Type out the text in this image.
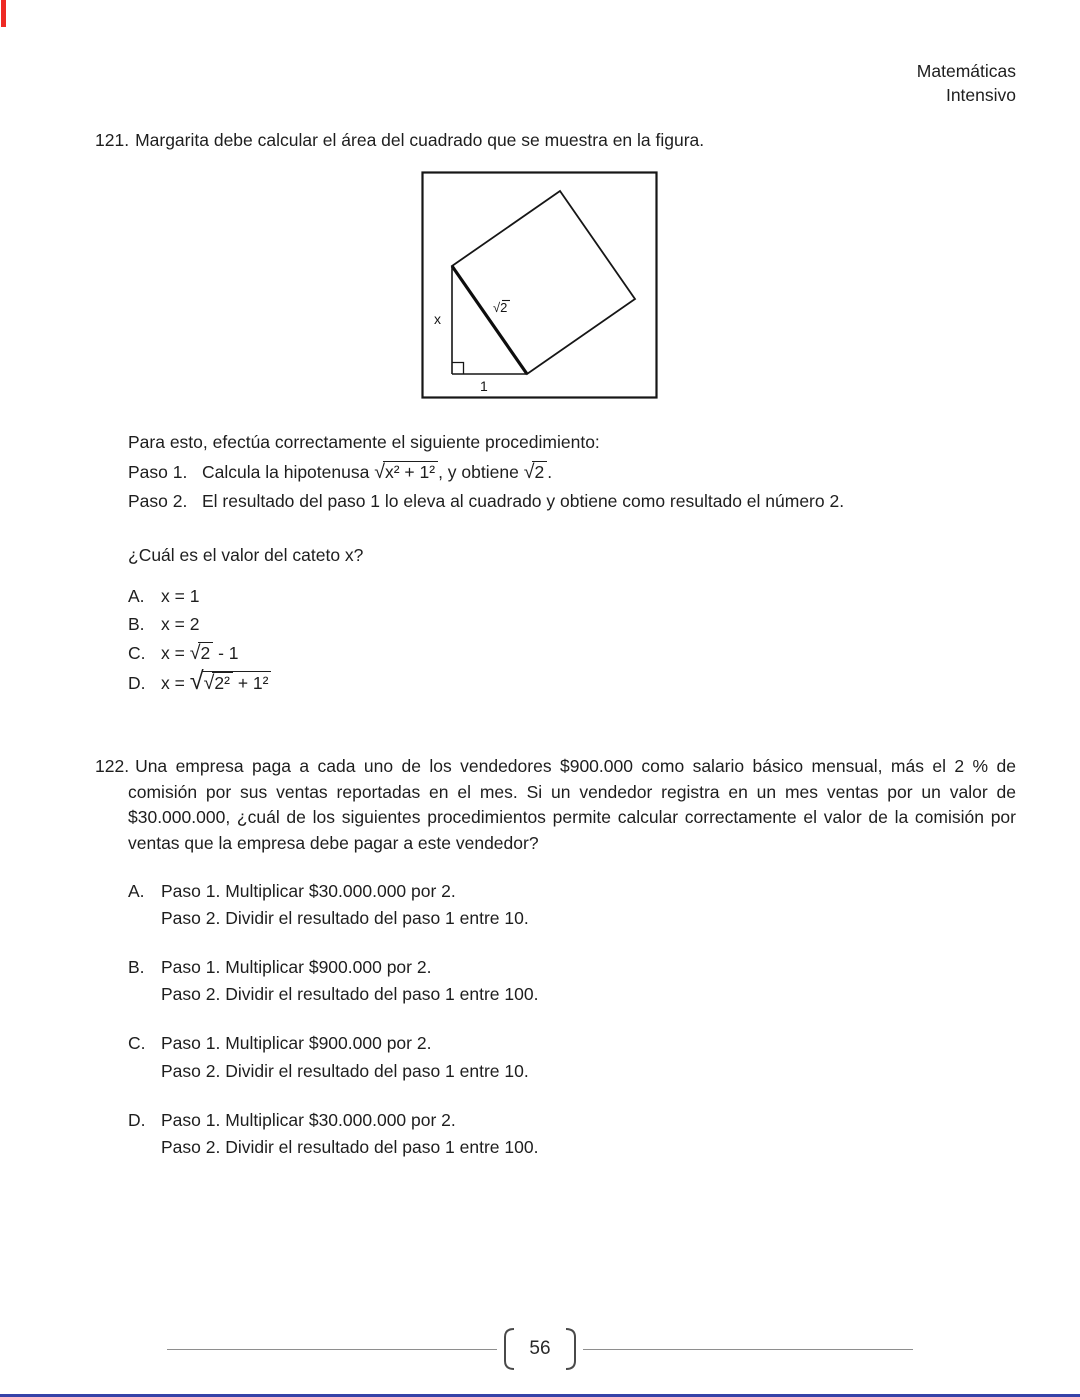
Matemáticas
Intensivo

121. Margarita debe calcular el área del cuadrado que se muestra en la figura.

x
√2
1

Para esto, efectúa correctamente el siguiente procedimiento:

Paso 1. Calcula la hipotenusa √x² + 1² , y obtiene √2 .
Paso 2. El resultado del paso 1 lo eleva al cuadrado y obtiene como resultado el número 2.

¿Cuál es el valor del cateto x?

A. x = 1
B. x = 2
C. x = √2 - 1
D. x = √√2² + 1²

122. Una empresa paga a cada uno de los vendedores $900.000 como salario básico mensual, más el 2 % de comisión por sus ventas reportadas en el mes. Si un vendedor registra en un mes ventas por un valor de $30.000.000, ¿cuál de los siguientes procedimientos permite calcular correctamente el valor de la comisión por ventas que la empresa debe pagar a este vendedor?

A. Paso 1. Multiplicar $30.000.000 por 2.
Paso 2. Dividir el resultado del paso 1 entre 10.
B. Paso 1. Multiplicar $900.000 por 2.
Paso 2. Dividir el resultado del paso 1 entre 100.
C. Paso 1. Multiplicar $900.000 por 2.
Paso 2. Dividir el resultado del paso 1 entre 10.
D. Paso 1. Multiplicar $30.000.000 por 2.
Paso 2. Dividir el resultado del paso 1 entre 100.
56
